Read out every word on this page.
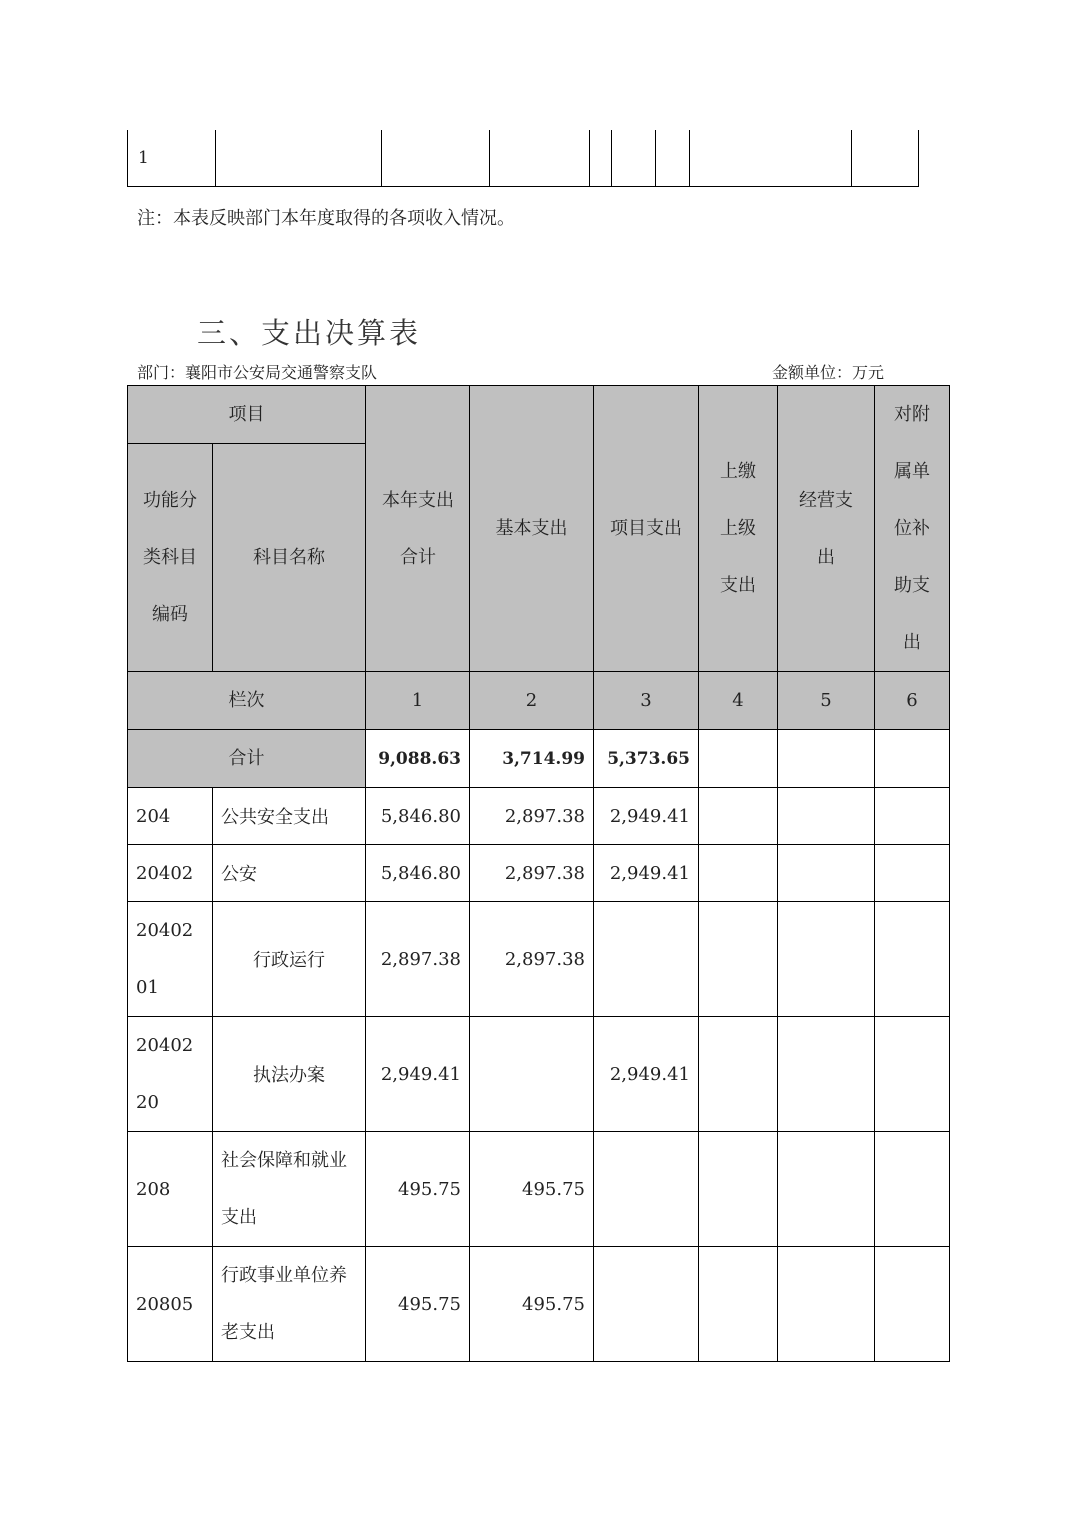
1
注：本表反映部门本年度取得的各项收入情况。
三、支出决算表
部门：襄阳市公安局交通警察支队	金额单位：万元
项目		本年支出合计	基本支出	项目支出	上缴上级支出	经营支出	对附属单位补助支出

功能分类科目编码	科目名称						
栏次		1	2	3	4	5	6
合计		9,088.63	3,714.99	5,373.65			
204	公共安全支出	5,846.80	2,897.38	2,949.41			
20402	公安	5,846.80	2,897.38	2,949.41			

2040201	行政运行	2,897.38	2,897.38				

2040220	执法办案	2,949.41		2,949.41			
208	社会保障和就业支出	495.75	495.75				
20805	行政事业单位养老支出	495.75	495.75				
